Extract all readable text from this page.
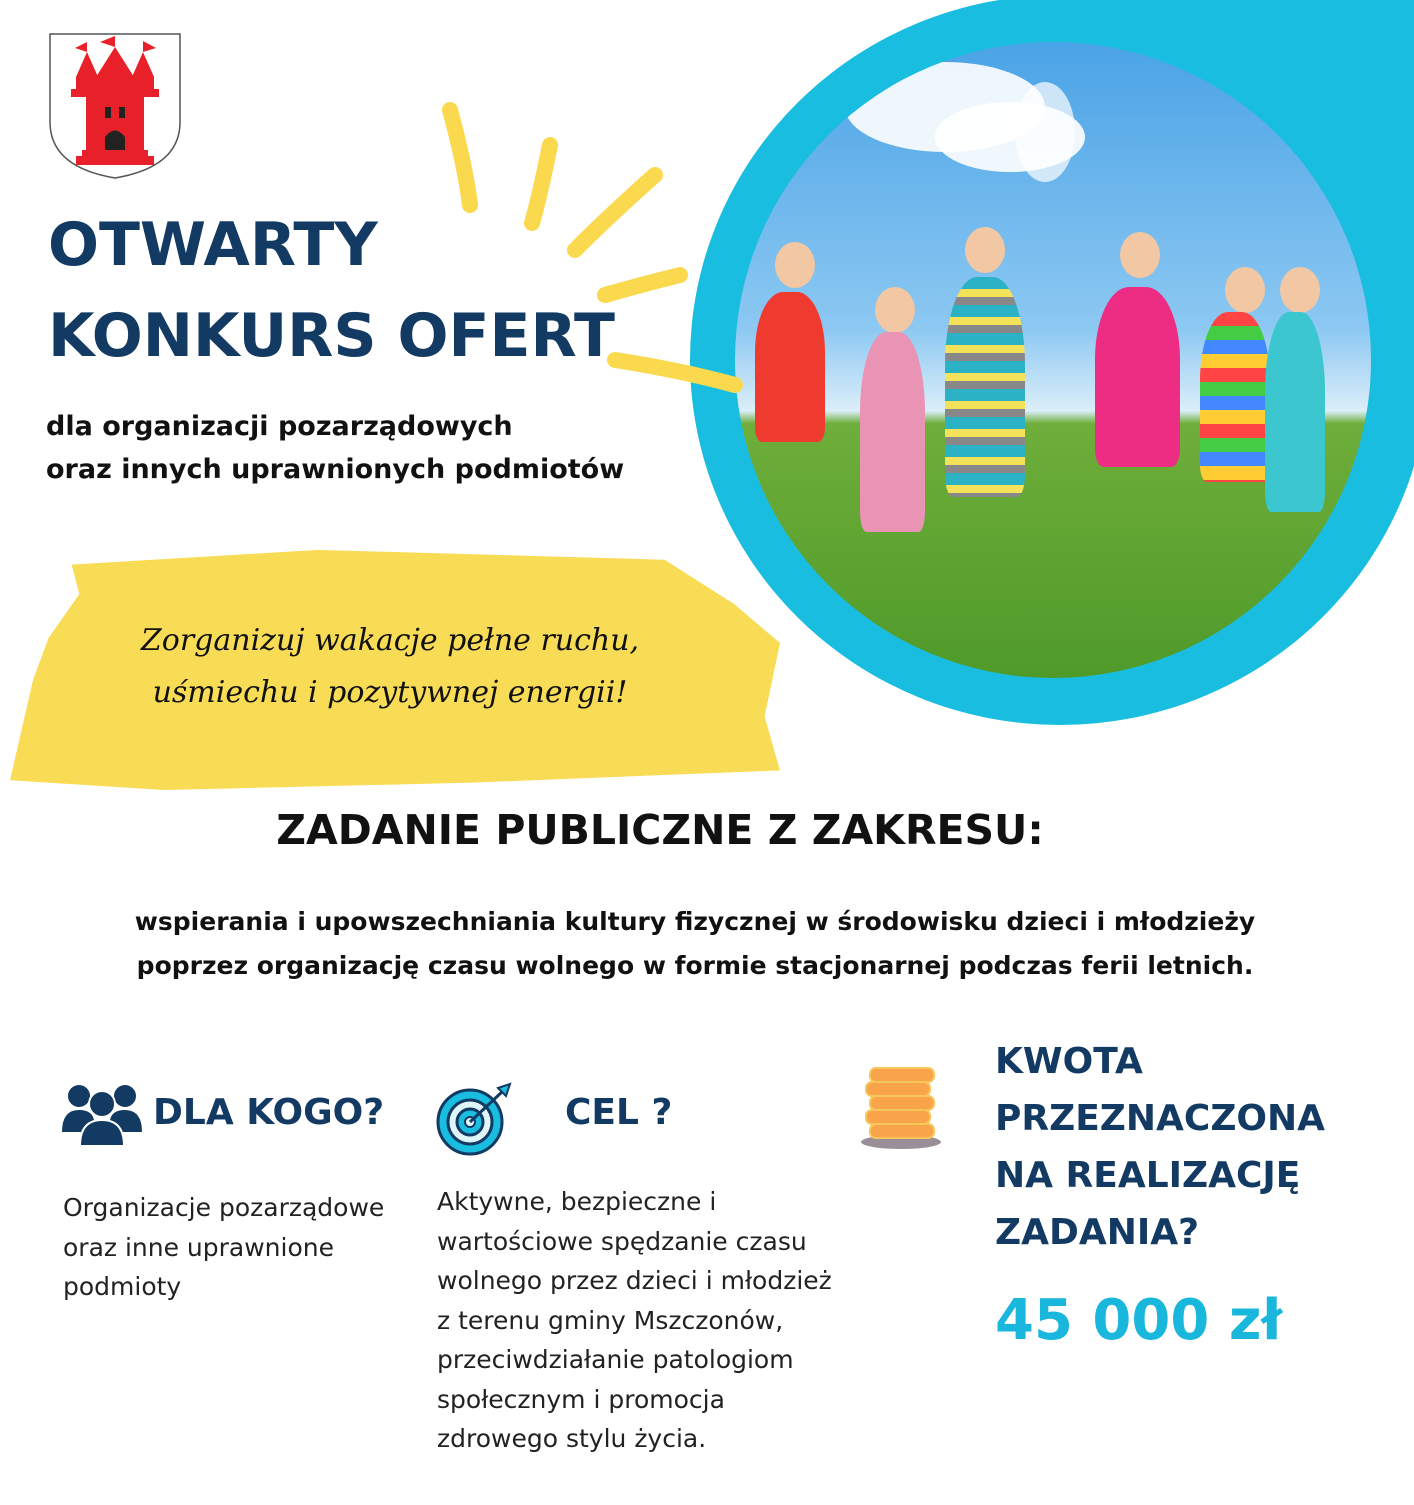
OTWARTY
KONKURS OFERT
dla organizacji pozarządowych
oraz innych uprawnionych podmiotów
Zorganizuj wakacje pełne ruchu,
uśmiechu i pozytywnej energii!
ZADANIE PUBLICZNE Z ZAKRESU:
wspierania i upowszechniania kultury fizycznej w środowisku dzieci i młodzieży
poprzez organizację czasu wolnego w formie stacjonarnej podczas ferii letnich.
DLA KOGO?
Organizacje pozarządowe
oraz inne uprawnione
podmioty
CEL ?
Aktywne, bezpieczne i
wartościowe spędzanie czasu
wolnego przez dzieci i młodzież
z terenu gminy Mszczonów,
przeciwdziałanie patologiom
społecznym i promocja
zdrowego stylu życia.
KWOTA
PRZEZNACZONA
NA REALIZACJĘ
ZADANIA?
45 000 zł
